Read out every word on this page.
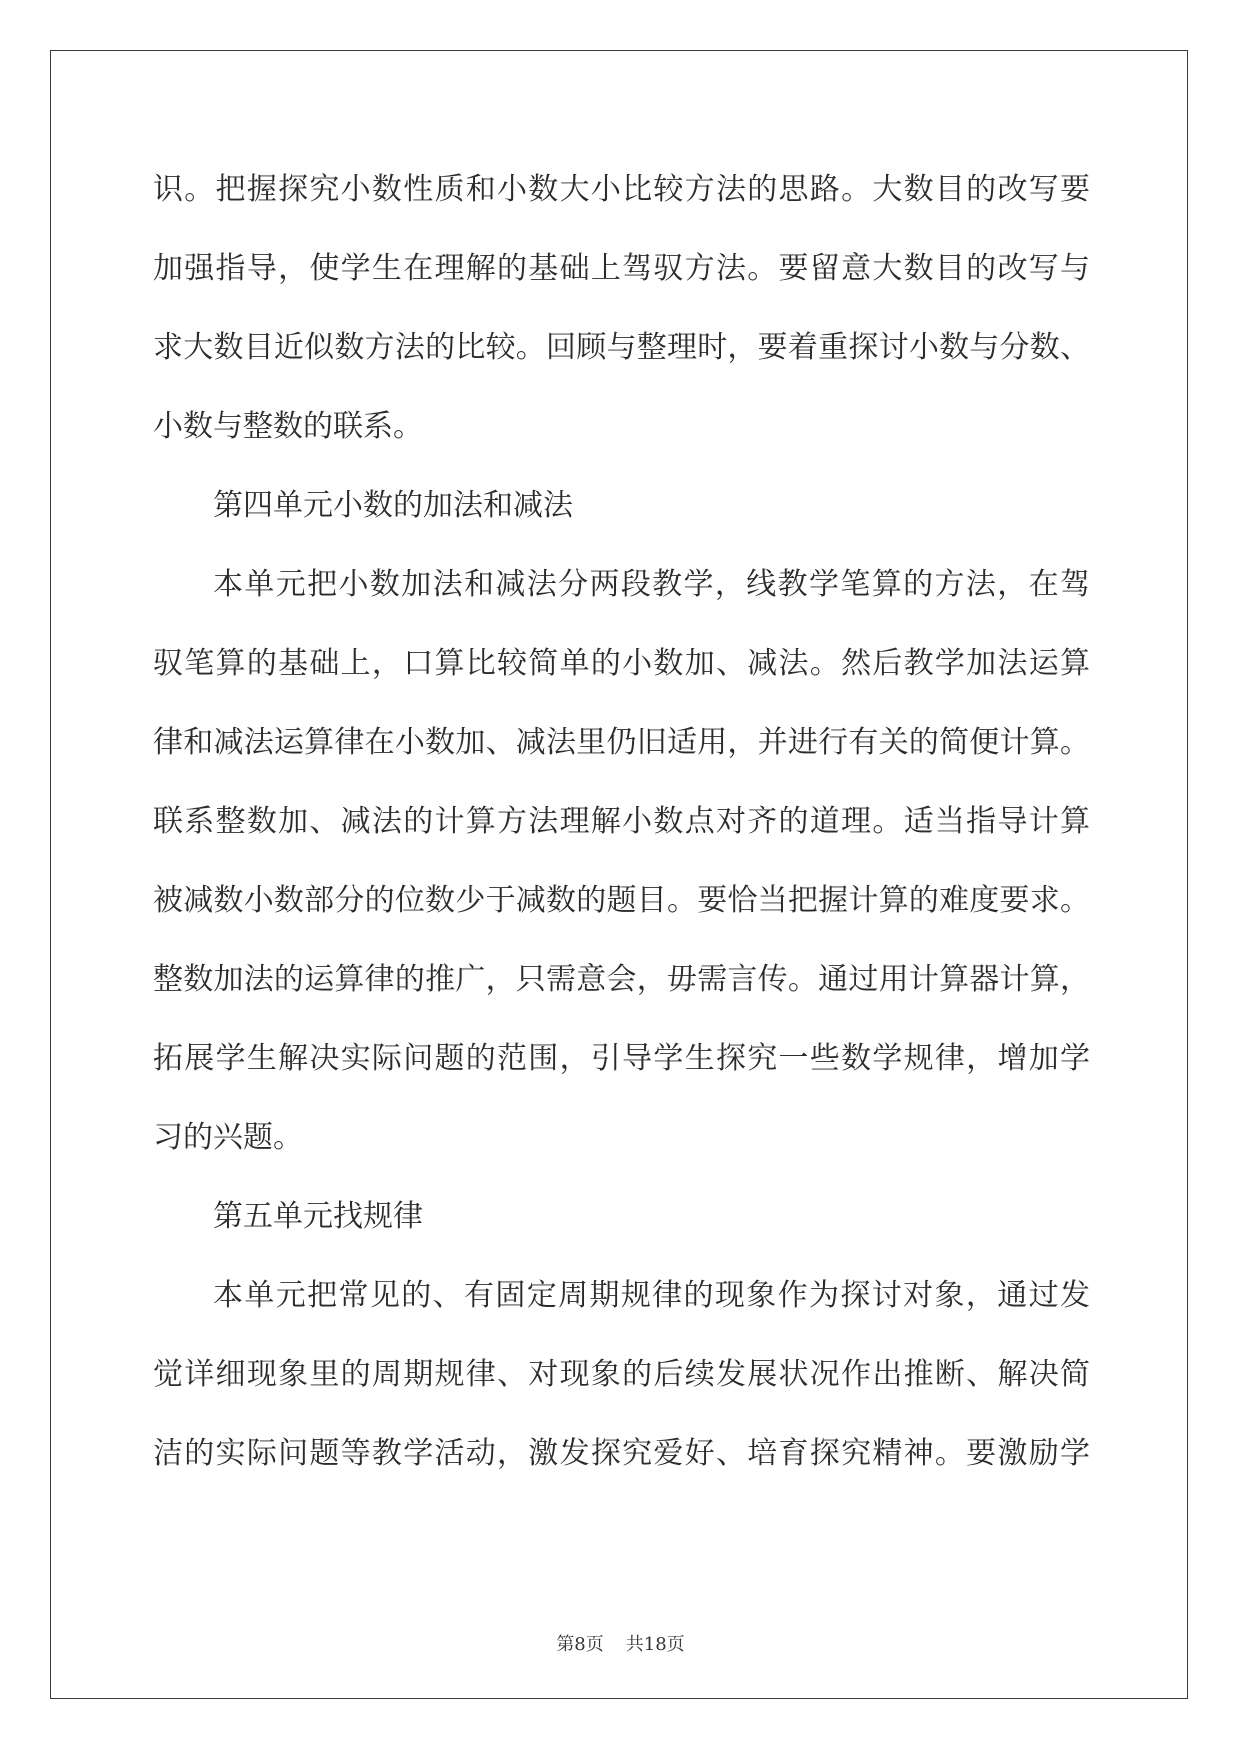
识。把握探究小数性质和小数大小比较方法的思路。大数目的改写要
加强指导，使学生在理解的基础上驾驭方法。要留意大数目的改写与
求大数目近似数方法的比较。回顾与整理时，要着重探讨小数与分数、
小数与整数的联系。
第四单元小数的加法和减法
本单元把小数加法和减法分两段教学，线教学笔算的方法，在驾
驭笔算的基础上，口算比较简单的小数加、减法。然后教学加法运算
律和减法运算律在小数加、减法里仍旧适用，并进行有关的简便计算。
联系整数加、减法的计算方法理解小数点对齐的道理。适当指导计算
被减数小数部分的位数少于减数的题目。要恰当把握计算的难度要求。
整数加法的运算律的推广，只需意会，毋需言传。通过用计算器计算，
拓展学生解决实际问题的范围，引导学生探究一些数学规律，增加学
习的兴题。
第五单元找规律
本单元把常见的、有固定周期规律的现象作为探讨对象，通过发
觉详细现象里的周期规律、对现象的后续发展状况作出推断、解决简
洁的实际问题等教学活动，激发探究爱好、培育探究精神。要激励学
第8页 共18页
